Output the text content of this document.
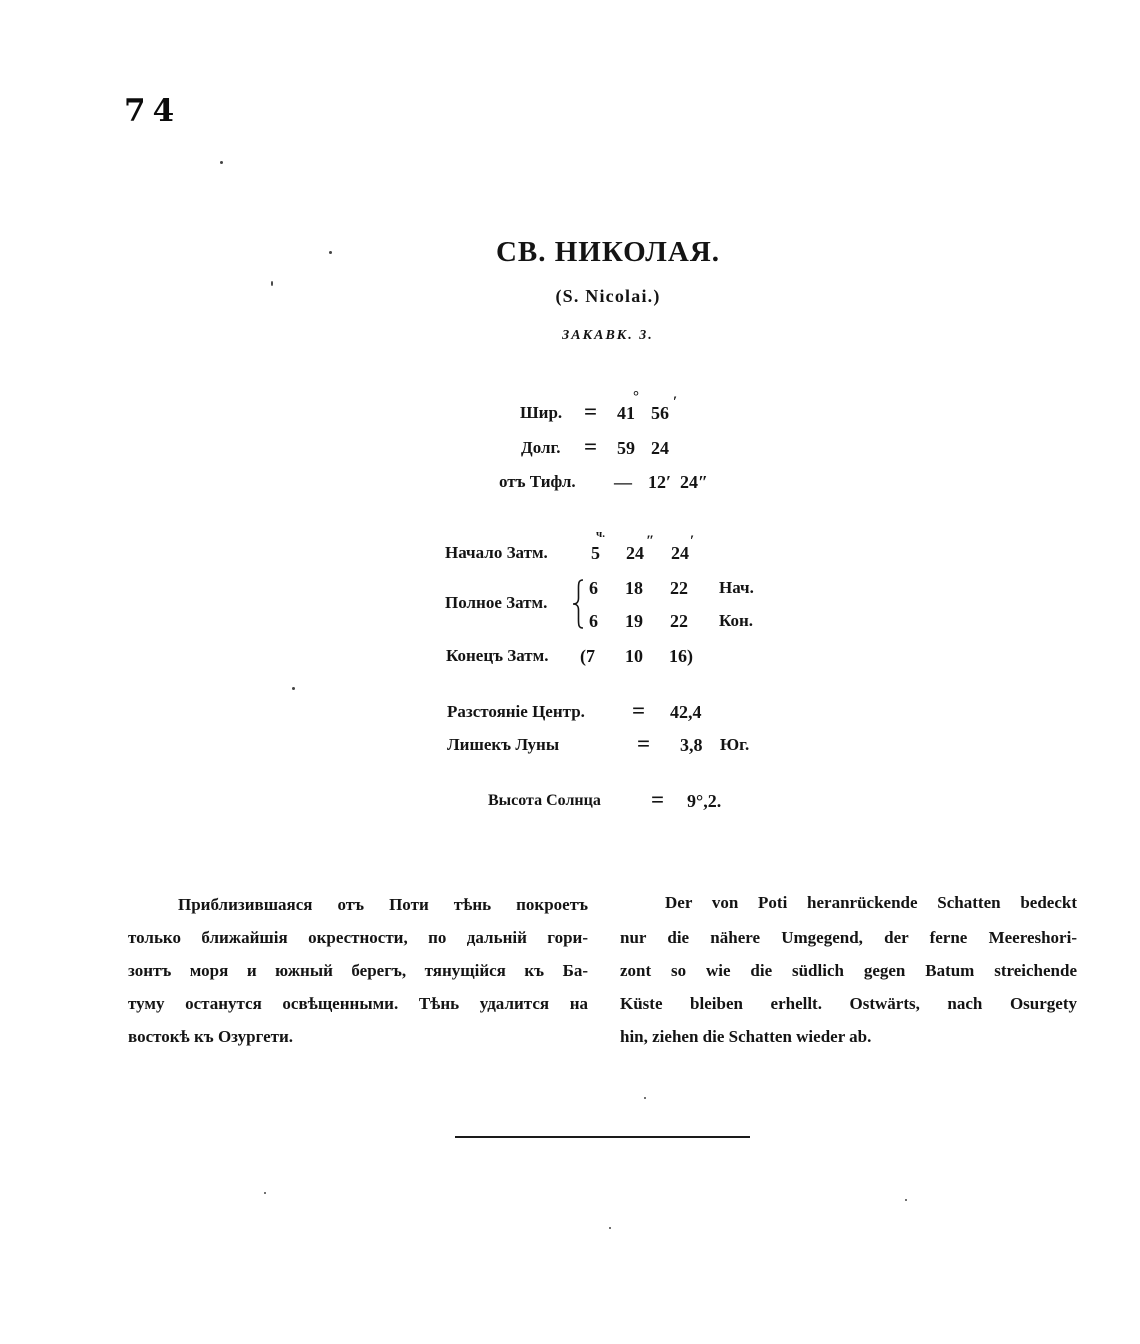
74
СВ. НИКОЛАЯ.
(S. Nicolai.)
ЗАКАВК. 3.
Шир. = 41
°
56
′
Долг. = 59 24
отъ Тифл. — 12′ 24″
ч.
Начало Затм. 5 24
″
24
′
Полное Затм.
6 18 22 Нач.
6 19 22 Кон.
Конецъ Затм. (7 10 16)
Разстояніе Центр. = 42,4
Лишекъ Луны	= 3,8 Юг.
Высота Солнца = 9°,2.
Приблизившаяся отъ Поти тѣнь покроетъ
только ближайшія окрестности, по дальній гори-
зонтъ моря и южный берегъ, тянущійся къ Ба-
туму останутся освѣщенными. Тѣнь удалится на
востокѣ къ Озургети.
Der von Poti heranrückende Schatten bedeckt
nur die nähere Umgegend, der ferne Meereshori-
zont so wie die südlich gegen Batum streichende
Küste bleiben erhellt. Ostwärts, nach Osurgety
hin, ziehen die Schatten wieder ab.
